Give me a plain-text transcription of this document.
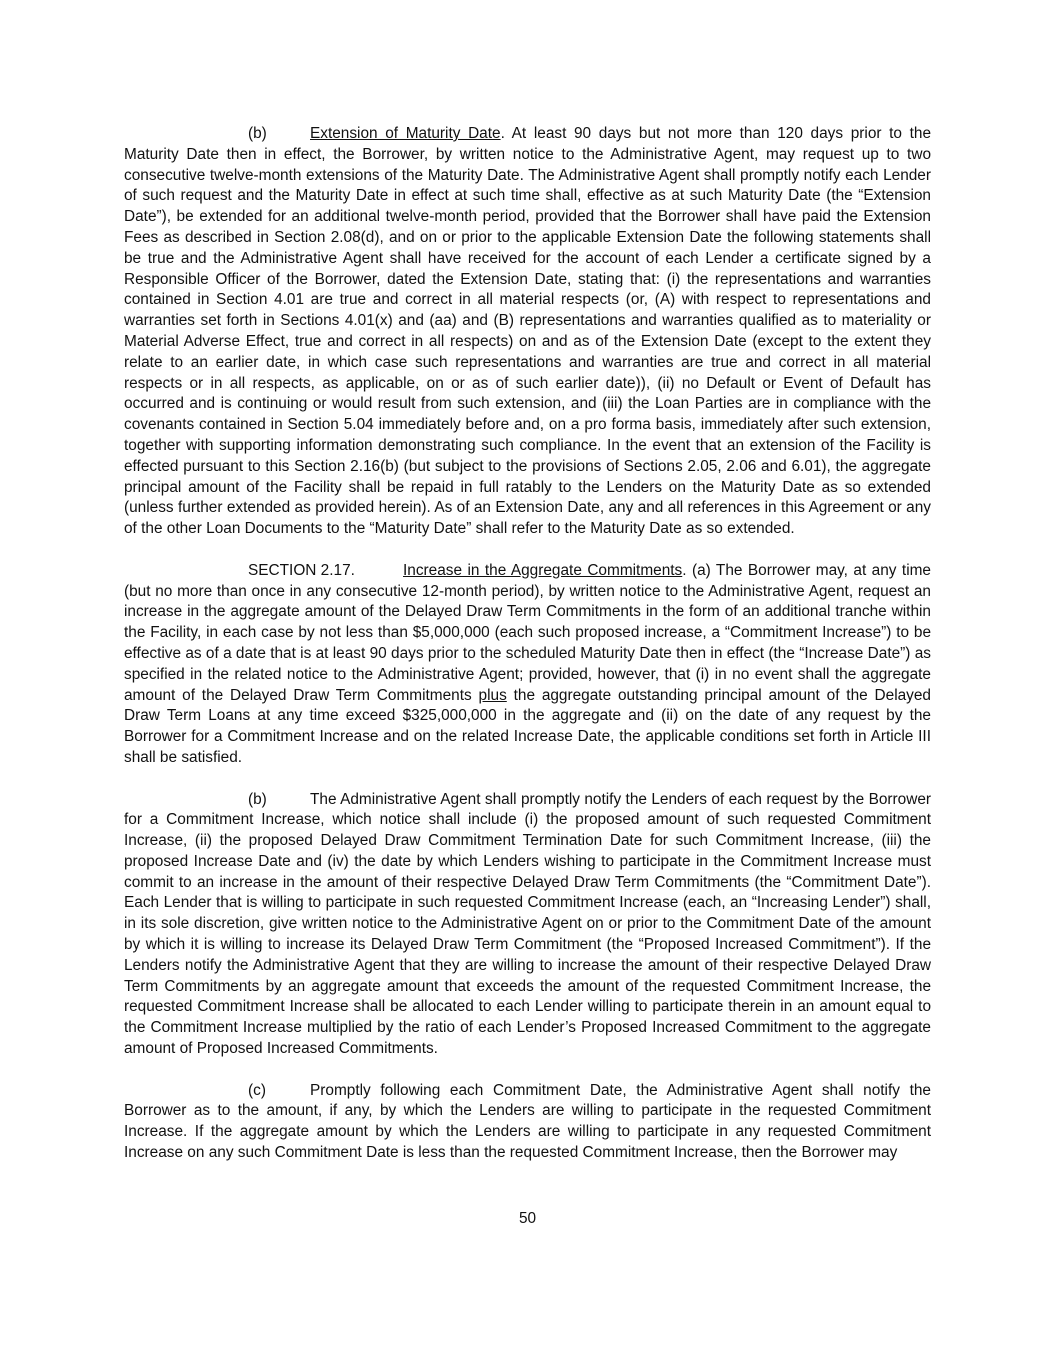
(b)	Extension of Maturity Date. At least 90 days but not more than 120 days prior to the Maturity Date then in effect, the Borrower, by written notice to the Administrative Agent, may request up to two consecutive twelve-month extensions of the Maturity Date. The Administrative Agent shall promptly notify each Lender of such request and the Maturity Date in effect at such time shall, effective as at such Maturity Date (the “Extension Date”), be extended for an additional twelve-month period, provided that the Borrower shall have paid the Extension Fees as described in Section 2.08(d), and on or prior to the applicable Extension Date the following statements shall be true and the Administrative Agent shall have received for the account of each Lender a certificate signed by a Responsible Officer of the Borrower, dated the Extension Date, stating that: (i) the representations and warranties contained in Section 4.01 are true and correct in all material respects (or, (A) with respect to representations and warranties set forth in Sections 4.01(x) and (aa) and (B) representations and warranties qualified as to materiality or Material Adverse Effect, true and correct in all respects) on and as of the Extension Date (except to the extent they relate to an earlier date, in which case such representations and warranties are true and correct in all material respects or in all respects, as applicable, on or as of such earlier date)), (ii) no Default or Event of Default has occurred and is continuing or would result from such extension, and (iii) the Loan Parties are in compliance with the covenants contained in Section 5.04 immediately before and, on a pro forma basis, immediately after such extension, together with supporting information demonstrating such compliance. In the event that an extension of the Facility is effected pursuant to this Section 2.16(b) (but subject to the provisions of Sections 2.05, 2.06 and 6.01), the aggregate principal amount of the Facility shall be repaid in full ratably to the Lenders on the Maturity Date as so extended (unless further extended as provided herein). As of an Extension Date, any and all references in this Agreement or any of the other Loan Documents to the “Maturity Date” shall refer to the Maturity Date as so extended.

SECTION 2.17.	Increase in the Aggregate Commitments. (a) The Borrower may, at any time (but no more than once in any consecutive 12-month period), by written notice to the Administrative Agent, request an increase in the aggregate amount of the Delayed Draw Term Commitments in the form of an additional tranche within the Facility, in each case by not less than $5,000,000 (each such proposed increase, a “Commitment Increase”) to be effective as of a date that is at least 90 days prior to the scheduled Maturity Date then in effect (the “Increase Date”) as specified in the related notice to the Administrative Agent; provided, however, that (i) in no event shall the aggregate amount of the Delayed Draw Term Commitments plus the aggregate outstanding principal amount of the Delayed Draw Term Loans at any time exceed $325,000,000 in the aggregate and (ii) on the date of any request by the Borrower for a Commitment Increase and on the related Increase Date, the applicable conditions set forth in Article III shall be satisfied.

(b)	The Administrative Agent shall promptly notify the Lenders of each request by the Borrower for a Commitment Increase, which notice shall include (i) the proposed amount of such requested Commitment Increase, (ii) the proposed Delayed Draw Commitment Termination Date for such Commitment Increase, (iii) the proposed Increase Date and (iv) the date by which Lenders wishing to participate in the Commitment Increase must commit to an increase in the amount of their respective Delayed Draw Term Commitments (the “Commitment Date”). Each Lender that is willing to participate in such requested Commitment Increase (each, an “Increasing Lender”) shall, in its sole discretion, give written notice to the Administrative Agent on or prior to the Commitment Date of the amount by which it is willing to increase its Delayed Draw Term Commitment (the “Proposed Increased Commitment”). If the Lenders notify the Administrative Agent that they are willing to increase the amount of their respective Delayed Draw Term Commitments by an aggregate amount that exceeds the amount of the requested Commitment Increase, the requested Commitment Increase shall be allocated to each Lender willing to participate therein in an amount equal to the Commitment Increase multiplied by the ratio of each Lender’s Proposed Increased Commitment to the aggregate amount of Proposed Increased Commitments.

(c)	Promptly following each Commitment Date, the Administrative Agent shall notify the Borrower as to the amount, if any, by which the Lenders are willing to participate in the requested Commitment Increase. If the aggregate amount by which the Lenders are willing to participate in any requested Commitment Increase on any such Commitment Date is less than the requested Commitment Increase, then the Borrower may

50
